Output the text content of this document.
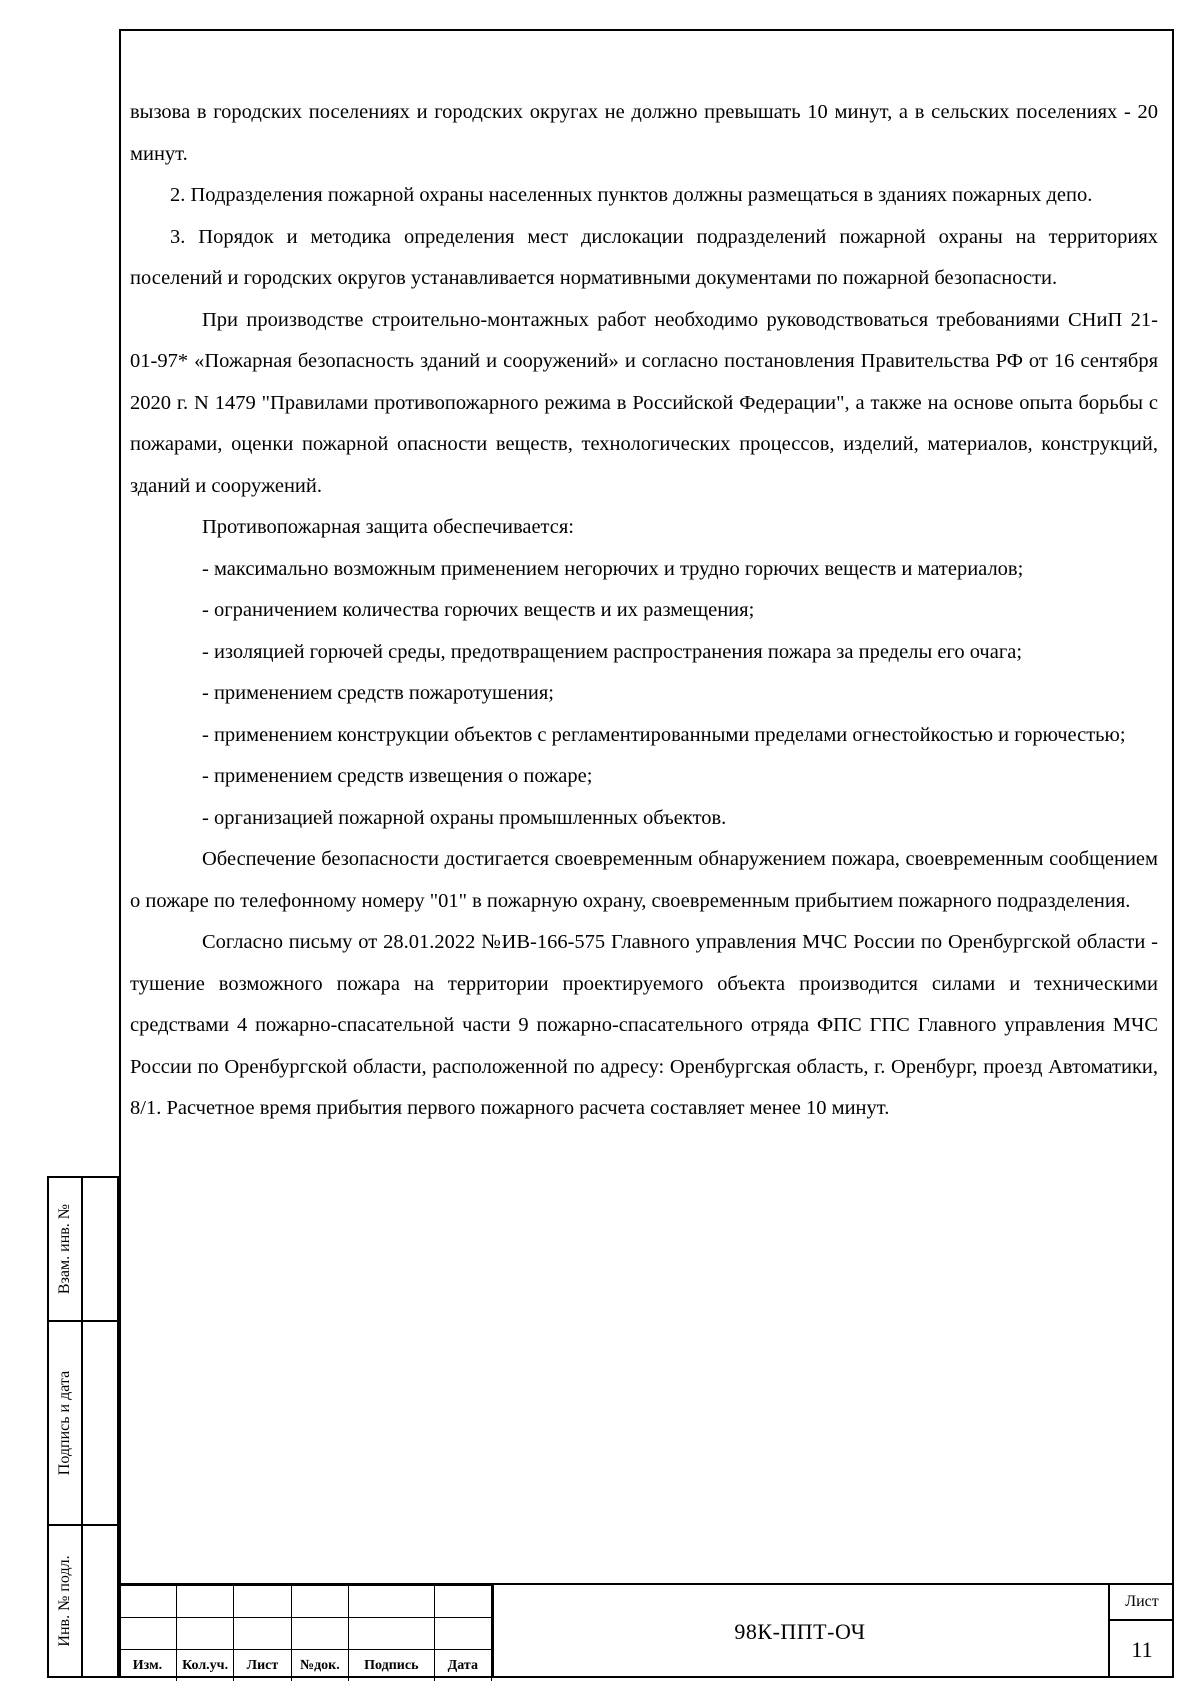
вызова в городских поселениях и городских округах не должно превышать 10 минут, а в сельских поселениях - 20 минут.

2. Подразделения пожарной охраны населенных пунктов должны размещаться в зданиях пожарных депо.

3. Порядок и методика определения мест дислокации подразделений пожарной охраны на территориях поселений и городских округов устанавливается нормативными документами по пожарной безопасности.

При производстве строительно-монтажных работ необходимо руководствоваться требованиями СНиП 21-01-97* «Пожарная безопасность зданий и сооружений» и согласно постановления Правительства РФ от 16 сентября 2020 г. N 1479 "Правилами противопожарного режима в Российской Федерации", а также на основе опыта борьбы с пожарами, оценки пожарной опасности веществ, технологических процессов, изделий, материалов, конструкций, зданий и сооружений.

Противопожарная защита обеспечивается:

- максимально возможным применением негорючих и трудно горючих веществ и материалов;

- ограничением количества горючих веществ и их размещения;

- изоляцией горючей среды, предотвращением распространения пожара за пределы его очага;

- применением средств пожаротушения;

- применением конструкции объектов с регламентированными пределами огнестойкостью и горючестью;

- применением средств извещения о пожаре;

- организацией пожарной охраны промышленных объектов.

Обеспечение безопасности достигается своевременным обнаружением пожара, своевременным сообщением о пожаре по телефонному номеру "01" в пожарную охрану, своевременным прибытием пожарного подразделения.

Согласно письму от 28.01.2022 №ИВ-166-575 Главного управления МЧС России по Оренбургской области - тушение возможного пожара на территории проектируемого объекта производится силами и техническими средствами 4 пожарно-спасательной части 9 пожарно-спасательного отряда ФПС ГПС Главного управления МЧС России по Оренбургской области, расположенной по адресу: Оренбургская область, г. Оренбург, проезд Автоматики, 8/1. Расчетное время прибытия первого пожарного расчета составляет менее 10 минут.

Взам. инв. №
Подпись и дата
Инв. № подл.

Изм.	Кол.уч.	Лист	№док.	Подпись	Дата
98К-ППТ-ОЧ
Лист
11
